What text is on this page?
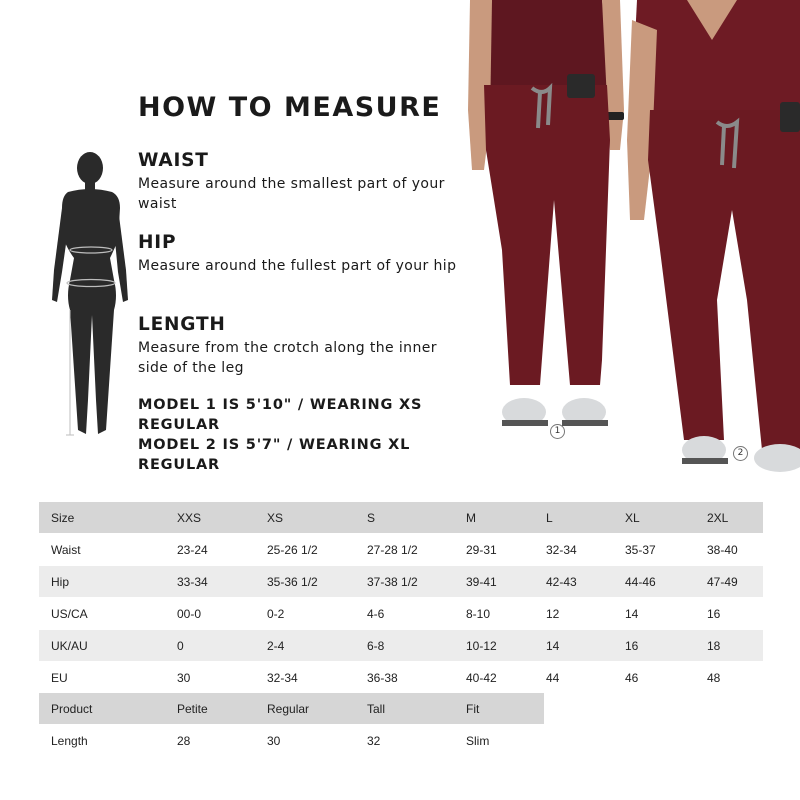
HOW TO MEASURE
WAIST
Measure around the smallest part of your waist
HIP
Measure around the fullest part of your hip
LENGTH
Measure from the crotch along the inner side of the leg
MODEL 1 IS 5'10" / WEARING XS REGULAR
MODEL 2 IS 5'7" / WEARING XL REGULAR
1
2
Size	XXS	XS	S	M	L	XL	2XL
Waist	23-24	25-26 1/2	27-28 1/2	29-31	32-34	35-37	38-40
Hip	33-34	35-36 1/2	37-38 1/2	39-41	42-43	44-46	47-49
US/CA	00-0	0-2	4-6	8-10	12	14	16
UK/AU	0	2-4	6-8	10-12	14	16	18
EU	30	32-34	36-38	40-42	44	46	48
Product	Petite	Regular	Tall	Fit
Length	28	30	32	Slim
